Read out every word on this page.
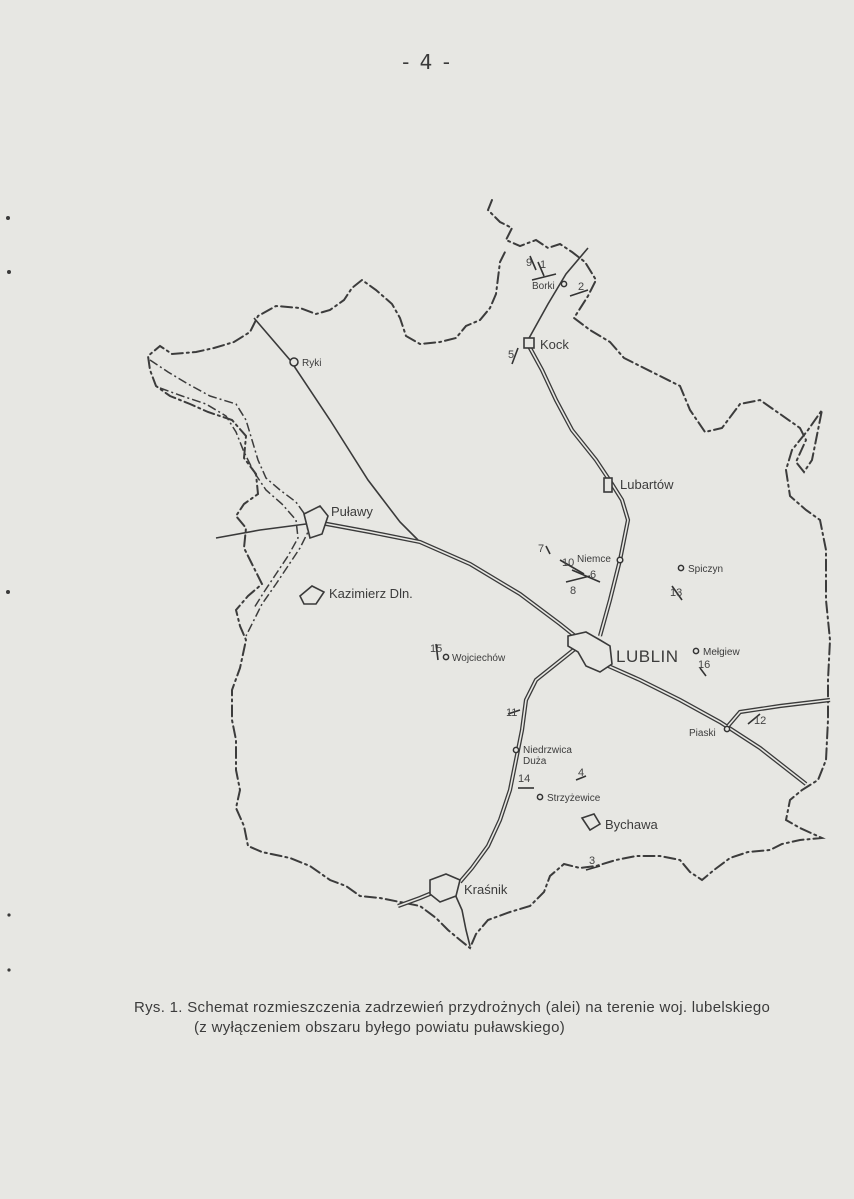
- 4 -
1
2
3
4
5
6
7
8
9
10
11
12
13
14
15
16
Borki
Kock
Ryki
Puławy
Lubartów
Niemce
Spiczyn
Kazimierz Dln.
Wojciechów	LUBLIN Mełgiew
Piaski
Niedrzwica
Duża
Strzyżewice
Bychawa
Kraśnik
Rys. 1. Schemat rozmieszczenia zadrzewień przydrożnych (alei) na terenie woj. lubelskiego
(z wyłączeniem obszaru byłego powiatu puławskiego)
